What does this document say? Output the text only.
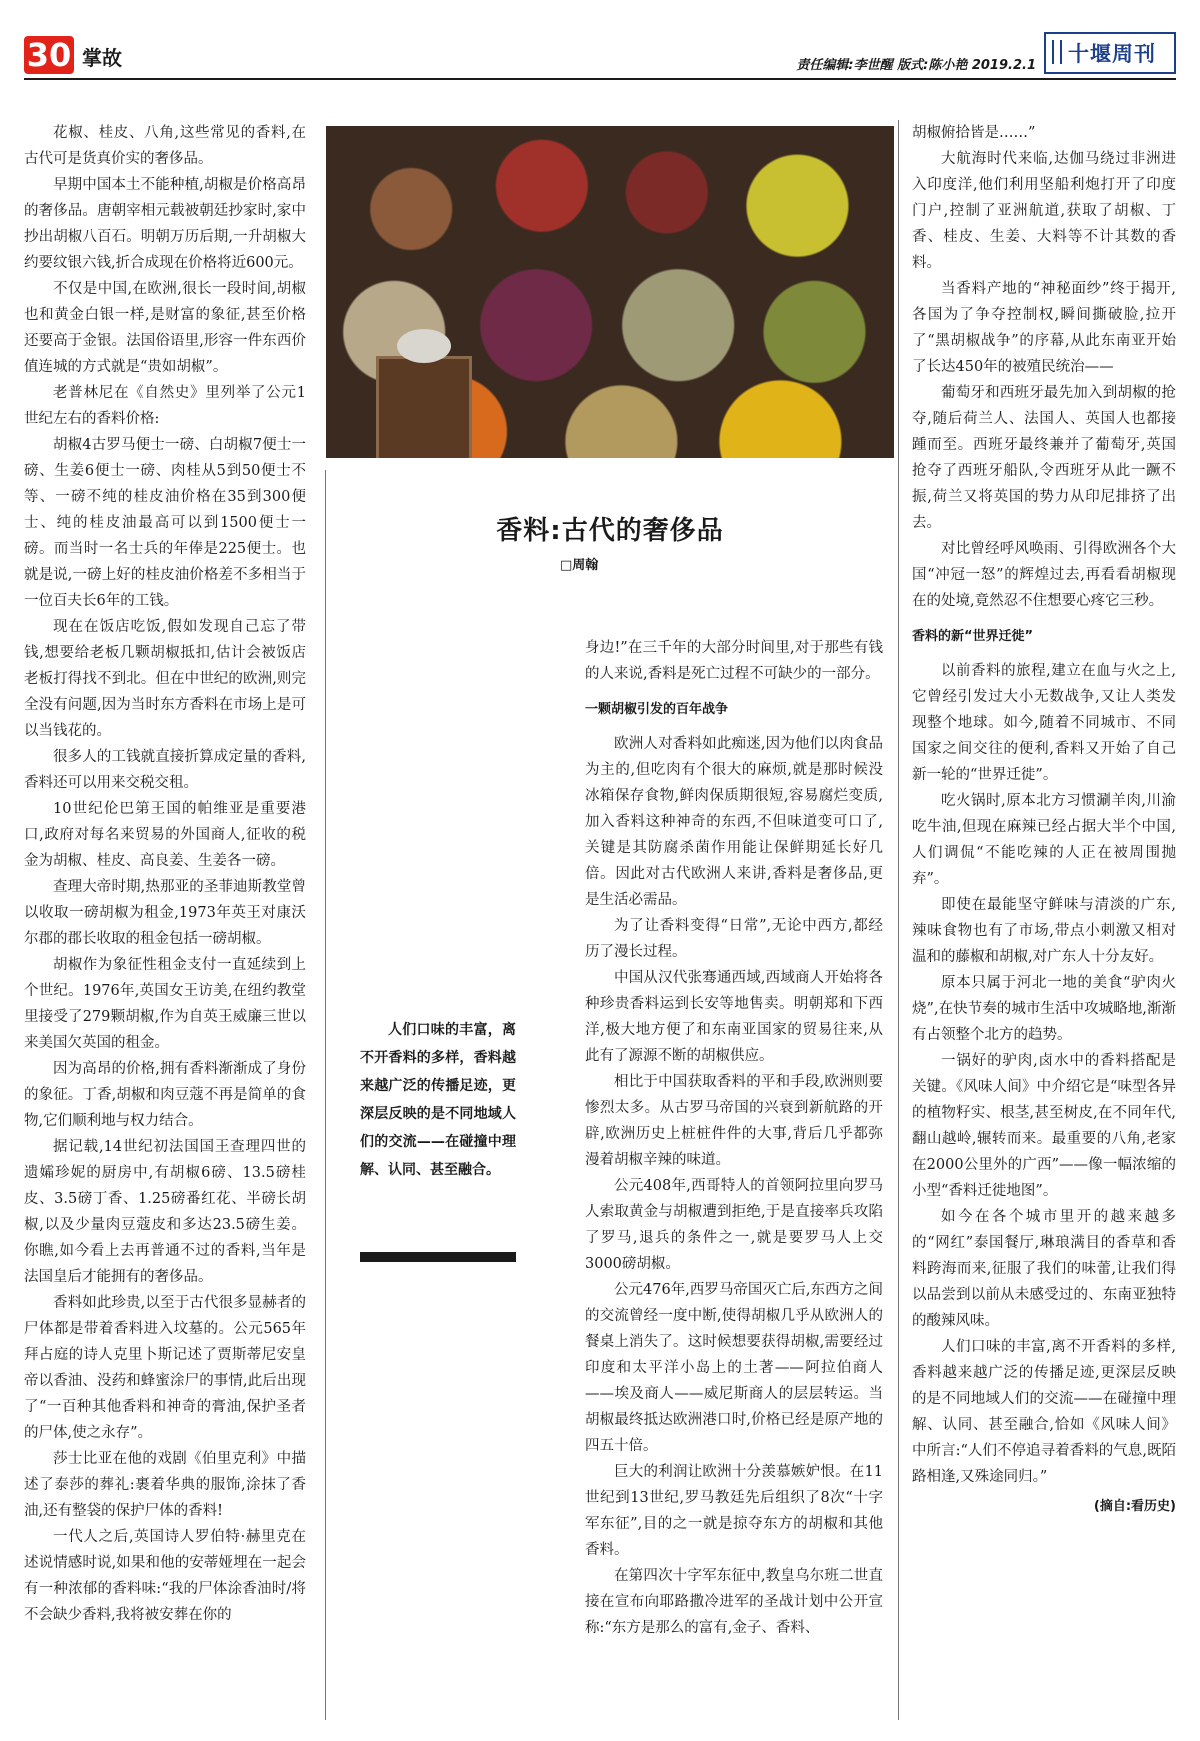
30 掌故	责任编辑:李世醒 版式:陈小艳 2019.2.1 十堰周刊
香料:古代的奢侈品
□周翰

花椒、桂皮、八角,这些常见的香料,在古代可是货真价实的奢侈品。

早期中国本土不能种植,胡椒是价格高昂的奢侈品。唐朝宰相元载被朝廷抄家时,家中抄出胡椒八百石。明朝万历后期,一升胡椒大约要纹银六钱,折合成现在价格将近600元。

不仅是中国,在欧洲,很长一段时间,胡椒也和黄金白银一样,是财富的象征,甚至价格还要高于金银。法国俗语里,形容一件东西价值连城的方式就是“贵如胡椒”。

老普林尼在《自然史》里列举了公元1世纪左右的香料价格:

胡椒4古罗马便士一磅、白胡椒7便士一磅、生姜6便士一磅、肉桂从5到50便士不等、一磅不纯的桂皮油价格在35到300便士、纯的桂皮油最高可以到1500便士一磅。而当时一名士兵的年俸是225便士。也就是说,一磅上好的桂皮油价格差不多相当于一位百夫长6年的工钱。

现在在饭店吃饭,假如发现自己忘了带钱,想要给老板几颗胡椒抵扣,估计会被饭店老板打得找不到北。但在中世纪的欧洲,则完全没有问题,因为当时东方香料在市场上是可以当钱花的。

很多人的工钱就直接折算成定量的香料,香料还可以用来交税交租。

10世纪伦巴第王国的帕维亚是重要港口,政府对每名来贸易的外国商人,征收的税金为胡椒、桂皮、高良姜、生姜各一磅。

查理大帝时期,热那亚的圣菲迪斯教堂曾以收取一磅胡椒为租金,1973年英王对康沃尔郡的郡长收取的租金包括一磅胡椒。

胡椒作为象征性租金支付一直延续到上个世纪。1976年,英国女王访美,在纽约教堂里接受了279颗胡椒,作为自英王威廉三世以来美国欠英国的租金。

因为高昂的价格,拥有香料渐渐成了身份的象征。丁香,胡椒和肉豆蔻不再是简单的食物,它们顺利地与权力结合。

据记载,14世纪初法国国王查理四世的遗孀珍妮的厨房中,有胡椒6磅、13.5磅桂皮、3.5磅丁香、1.25磅番红花、半磅长胡椒,以及少量肉豆蔻皮和多达23.5磅生姜。你瞧,如今看上去再普通不过的香料,当年是法国皇后才能拥有的奢侈品。

香料如此珍贵,以至于古代很多显赫者的尸体都是带着香料进入坟墓的。公元565年拜占庭的诗人克里卜斯记述了贾斯蒂尼安皇帝以香油、没药和蜂蜜涂尸的事情,此后出现了“一百种其他香料和神奇的膏油,保护圣者的尸体,使之永存”。

莎士比亚在他的戏剧《伯里克利》中描述了泰莎的葬礼:裹着华典的服饰,涂抹了香油,还有整袋的保护尸体的香料!

一代人之后,英国诗人罗伯特·赫里克在述说情感时说,如果和他的安蒂娅埋在一起会有一种浓郁的香料味:“我的尸体涂香油时/将不会缺少香料,我将被安葬在你的

人们口味的丰富，离不开香料的多样，香料越来越广泛的传播足迹，更深层反映的是不同地域人们的交流——在碰撞中理解、认同、甚至融合。

身边!”在三千年的大部分时间里,对于那些有钱的人来说,香料是死亡过程不可缺少的一部分。

一颗胡椒引发的百年战争

欧洲人对香料如此痴迷,因为他们以肉食品为主的,但吃肉有个很大的麻烦,就是那时候没冰箱保存食物,鲜肉保质期很短,容易腐烂变质,加入香料这种神奇的东西,不但味道变可口了,关键是其防腐杀菌作用能让保鲜期延长好几倍。因此对古代欧洲人来讲,香料是奢侈品,更是生活必需品。

为了让香料变得“日常”,无论中西方,都经历了漫长过程。

中国从汉代张骞通西域,西域商人开始将各种珍贵香料运到长安等地售卖。明朝郑和下西洋,极大地方便了和东南亚国家的贸易往来,从此有了源源不断的胡椒供应。

相比于中国获取香料的平和手段,欧洲则要惨烈太多。从古罗马帝国的兴衰到新航路的开辟,欧洲历史上桩桩件件的大事,背后几乎都弥漫着胡椒辛辣的味道。

公元408年,西哥特人的首领阿拉里向罗马人索取黄金与胡椒遭到拒绝,于是直接率兵攻陷了罗马,退兵的条件之一,就是要罗马人上交3000磅胡椒。

公元476年,西罗马帝国灭亡后,东西方之间的交流曾经一度中断,使得胡椒几乎从欧洲人的餐桌上消失了。这时候想要获得胡椒,需要经过印度和太平洋小岛上的土著——阿拉伯商人——埃及商人——威尼斯商人的层层转运。当胡椒最终抵达欧洲港口时,价格已经是原产地的四五十倍。

巨大的利润让欧洲十分羡慕嫉妒恨。在11世纪到13世纪,罗马教廷先后组织了8次“十字军东征”,目的之一就是掠夺东方的胡椒和其他香料。

在第四次十字军东征中,教皇乌尔班二世直接在宣布向耶路撒冷进军的圣战计划中公开宣称:“东方是那么的富有,金子、香料、

胡椒俯拾皆是……”

大航海时代来临,达伽马绕过非洲进入印度洋,他们利用坚船利炮打开了印度门户,控制了亚洲航道,获取了胡椒、丁香、桂皮、生姜、大料等不计其数的香料。

当香料产地的“神秘面纱”终于揭开,各国为了争夺控制权,瞬间撕破脸,拉开了“黑胡椒战争”的序幕,从此东南亚开始了长达450年的被殖民统治——

葡萄牙和西班牙最先加入到胡椒的抢夺,随后荷兰人、法国人、英国人也都接踵而至。西班牙最终兼并了葡萄牙,英国抢夺了西班牙船队,令西班牙从此一蹶不振,荷兰又将英国的势力从印尼排挤了出去。

对比曾经呼风唤雨、引得欧洲各个大国“冲冠一怒”的辉煌过去,再看看胡椒现在的处境,竟然忍不住想要心疼它三秒。

香料的新“世界迁徙”

以前香料的旅程,建立在血与火之上,它曾经引发过大小无数战争,又让人类发现整个地球。如今,随着不同城市、不同国家之间交往的便利,香料又开始了自己新一轮的“世界迁徙”。

吃火锅时,原本北方习惯涮羊肉,川渝吃牛油,但现在麻辣已经占据大半个中国,人们调侃“不能吃辣的人正在被周围抛弃”。

即使在最能坚守鲜味与清淡的广东,辣味食物也有了市场,带点小刺激又相对温和的藤椒和胡椒,对广东人十分友好。

原本只属于河北一地的美食“驴肉火烧”,在快节奏的城市生活中攻城略地,渐渐有占领整个北方的趋势。

一锅好的驴肉,卤水中的香料搭配是关键。《风味人间》中介绍它是“味型各异的植物籽实、根茎,甚至树皮,在不同年代,翻山越岭,辗转而来。最重要的八角,老家在2000公里外的广西”——像一幅浓缩的小型“香料迁徙地图”。

如今在各个城市里开的越来越多的“网红”泰国餐厅,琳琅满目的香草和香料跨海而来,征服了我们的味蕾,让我们得以品尝到以前从未感受过的、东南亚独特的酸辣风味。

人们口味的丰富,离不开香料的多样,香料越来越广泛的传播足迹,更深层反映的是不同地域人们的交流——在碰撞中理解、认同、甚至融合,恰如《风味人间》中所言:“人们不停追寻着香料的气息,既陌路相逢,又殊途同归。”

(摘自:看历史)
